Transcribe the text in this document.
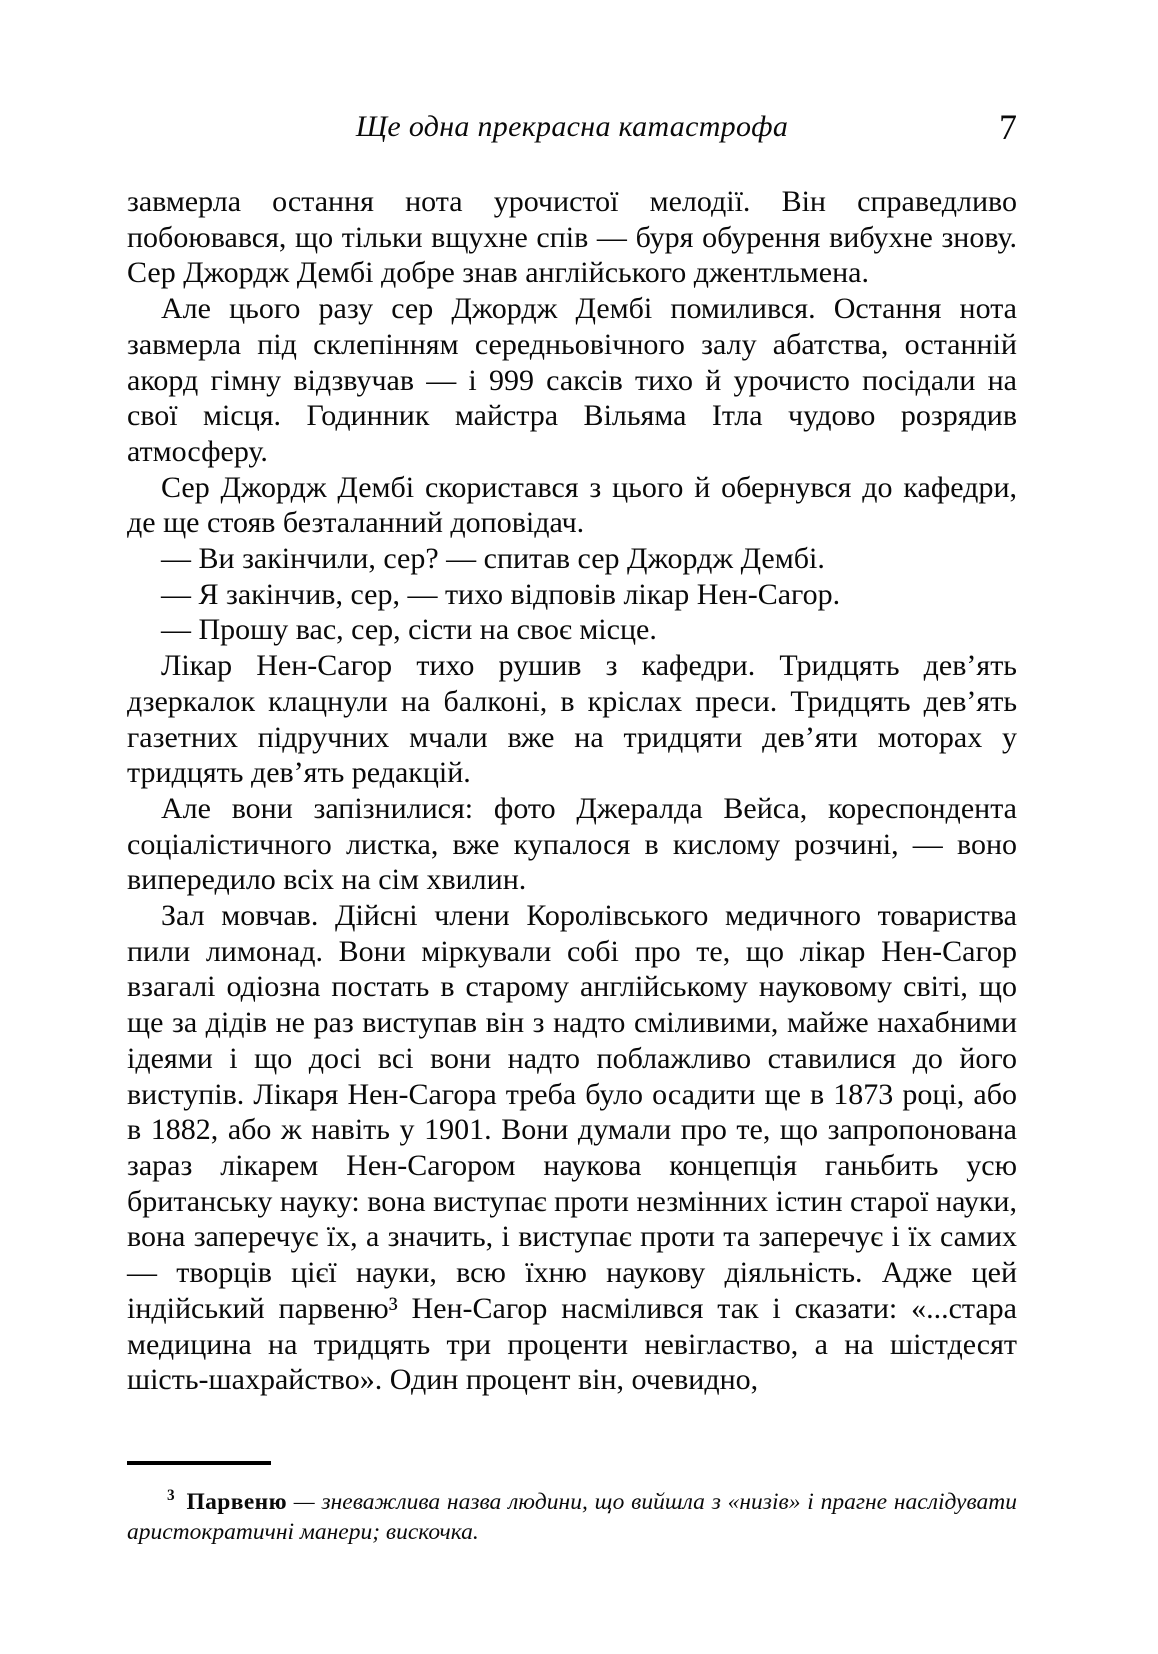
Ще одна прекрасна катастрофа	7

завмерла остання нота урочистої мелодії. Він справедливо побоювався, що тільки вщухне спів — буря обурення вибухне знову. Сер Джордж Дембі добре знав англійського джентльмена.

Але цього разу сер Джордж Дембі помилився. Остання нота завмерла під склепінням середньовічного залу абатства, останній акорд гімну відзвучав — і 999 саксів тихо й урочисто посідали на свої місця. Годинник майстра Вільяма Ітла чудово розрядив атмосферу.

Сер Джордж Дембі скористався з цього й обернувся до кафедри, де ще стояв безталанний доповідач.

— Ви закінчили, сер? — спитав сер Джордж Дембі.

— Я закінчив, сер, — тихо відповів лікар Нен-Сагор.

— Прошу вас, сер, сісти на своє місце.

Лікар Нен-Сагор тихо рушив з кафедри. Тридцять дев’ять дзеркалок клацнули на балконі, в кріслах преси. Тридцять дев’ять газетних підручних мчали вже на тридцяти дев’яти моторах у тридцять дев’ять редакцій.

Але вони запізнилися: фото Джералда Вейса, кореспондента соціалістичного листка, вже купалося в кислому розчині, — воно випередило всіх на сім хвилин.

Зал мовчав. Дійсні члени Королівського медичного товариства пили лимонад. Вони міркували собі про те, що лікар Нен-Сагор взагалі одіозна постать в старому англійському науковому світі, що ще за дідів не раз виступав він з надто сміливими, майже нахабними ідеями і що досі всі вони надто поблажливо ставилися до його виступів. Лікаря Нен-Сагора треба було осадити ще в 1873 році, або в 1882, або ж навіть у 1901. Вони думали про те, що запропонована зараз лікарем Нен-Сагором наукова концепція ганьбить усю британську науку: вона виступає проти незмінних істин старої науки, вона заперечує їх, а значить, і виступає проти та заперечує і їх самих — творців цієї науки, всю їхню наукову діяльність. Адже цей індійський парвеню³ Нен-Сагор насмілився так і сказати: «...стара медицина на тридцять три проценти невігластво, а на шістдесят шість-шахрайство». Один процент він, очевидно,

$^3$ Парвеню — зневажлива назва людини, що вийшла з «низів» і прагне наслідувати аристократичні манери; вискочка.
